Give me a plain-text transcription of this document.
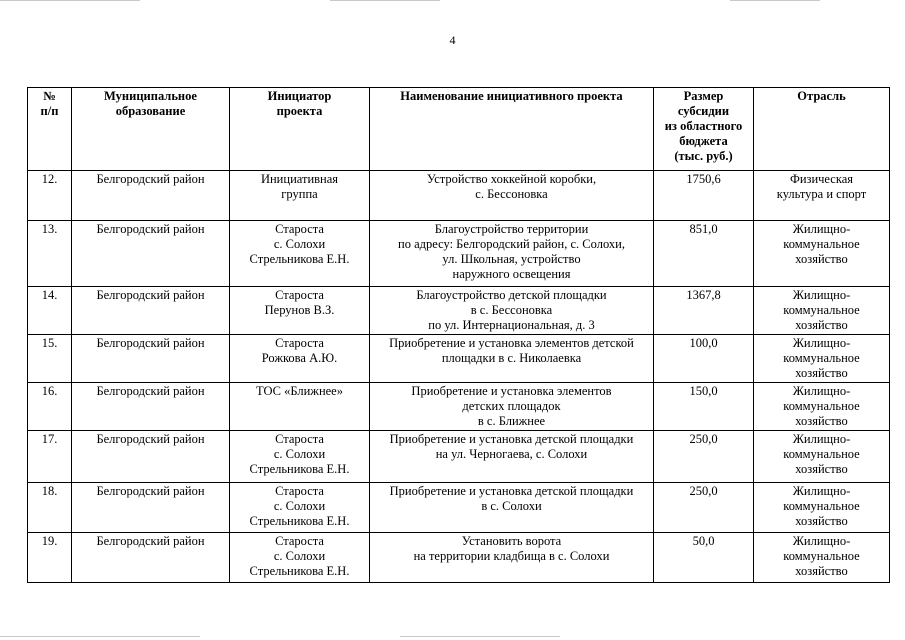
4
№
п/п	Муниципальное
образование	Инициатор
проекта	Наименование инициативного проекта	Размер
субсидии
из областного
бюджета
(тыс. руб.)	Отрасль

12.	Белгородский район	Инициативная
группа	Устройство хоккейной коробки,
с. Бессоновка	1750,6	Физическая
культура и спорт

13.	Белгородский район	Староста
с. Солохи
Стрельникова Е.Н.	Благоустройство территории
по адресу: Белгородский район, с. Солохи,
ул. Школьная, устройство
наружного освещения	851,0	Жилищно-
коммунальное
хозяйство

14.	Белгородский район	Староста
Перунов В.З.	Благоустройство детской площадки
в с. Бессоновка
по ул. Интернациональная, д. 3	1367,8	Жилищно-
коммунальное
хозяйство

15.	Белгородский район	Староста
Рожкова А.Ю.	Приобретение и установка элементов детской
площадки в с. Николаевка	100,0	Жилищно-
коммунальное
хозяйство

16.	Белгородский район	ТОС «Ближнее»	Приобретение и установка элементов
детских площадок
в с. Ближнее	150,0	Жилищно-
коммунальное
хозяйство

17.	Белгородский район	Староста
с. Солохи
Стрельникова Е.Н.	Приобретение и установка детской площадки
на ул. Черногаева, с. Солохи	250,0	Жилищно-
коммунальное
хозяйство

18.	Белгородский район	Староста
с. Солохи
Стрельникова Е.Н.	Приобретение и установка детской площадки
в с. Солохи	250,0	Жилищно-
коммунальное
хозяйство

19.	Белгородский район	Староста
с. Солохи
Стрельникова Е.Н.	Установить ворота
на территории кладбища в с. Солохи	50,0	Жилищно-
коммунальное
хозяйство
